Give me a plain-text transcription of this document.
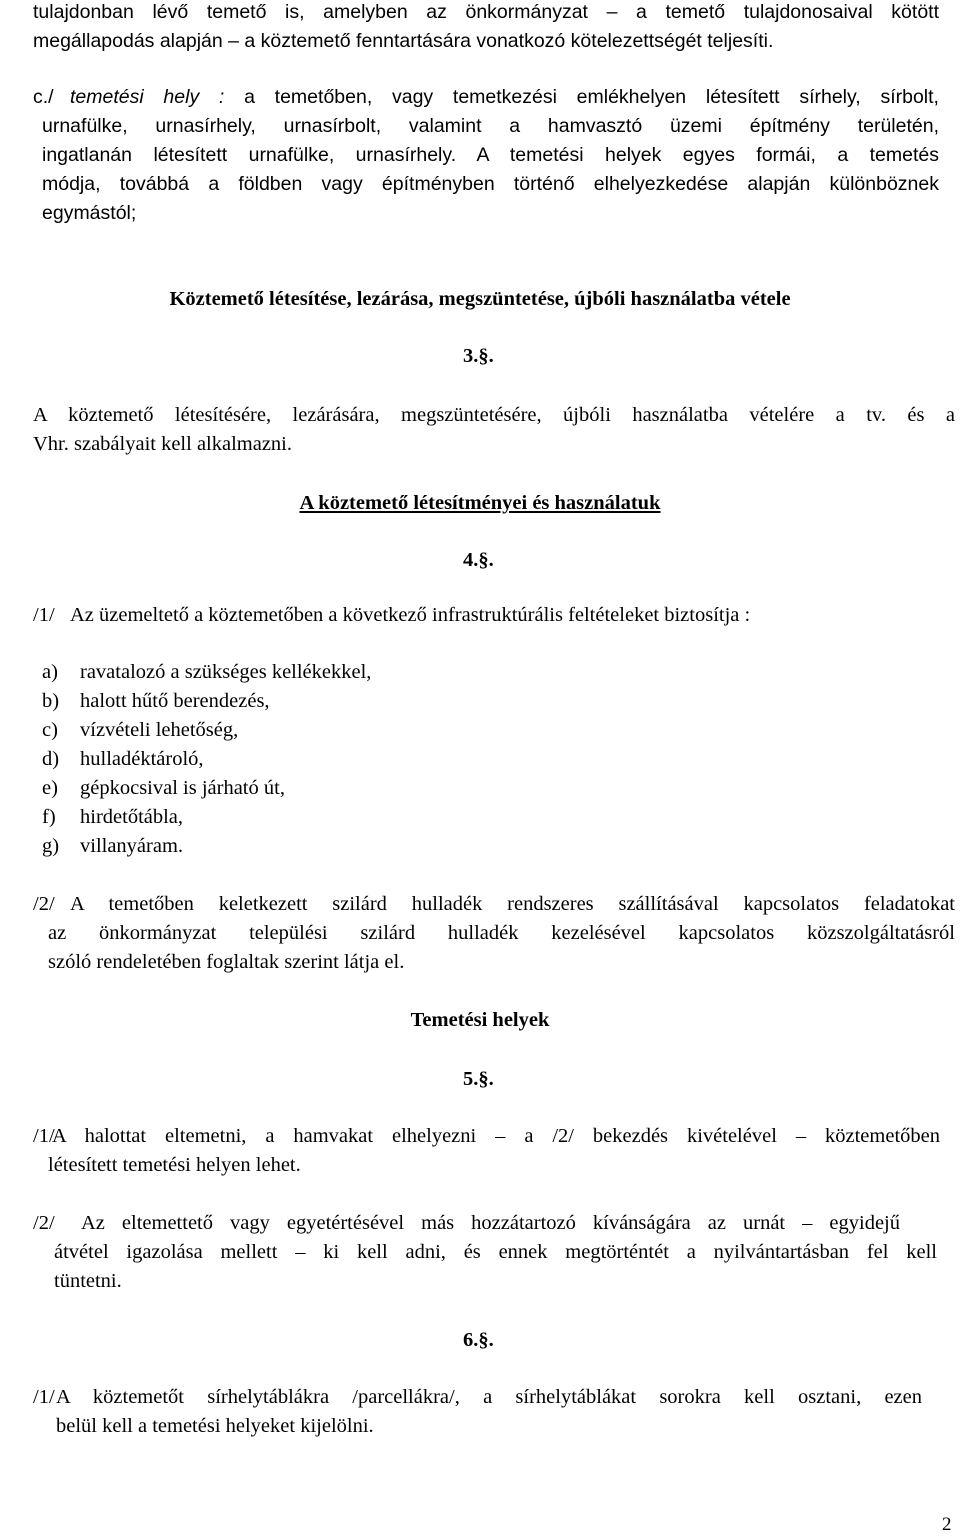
tulajdonban lévő temető is, amelyben az önkormányzat – a temető tulajdonosaival kötött
megállapodás alapján – a köztemető fenntartására vonatkozó kötelezettségét teljesíti.
c./ temetési hely : a temetőben, vagy temetkezési emlékhelyen létesített sírhely, sírbolt,
urnafülke, urnasírhely, urnasírbolt, valamint a hamvasztó üzemi építmény területén,
ingatlanán létesített urnafülke, urnasírhely. A temetési helyek egyes formái, a temetés
módja, továbbá a földben vagy építményben történő elhelyezkedése alapján különböznek
egymástól;
Köztemető létesítése, lezárása, megszüntetése, újbóli használatba vétele
3.§.
A köztemető létesítésére, lezárására, megszüntetésére, újbóli használatba vételére a tv. és a
Vhr. szabályait kell alkalmazni.
A köztemető létesítményei és használatuk
4.§.
/1/ Az üzemeltető a köztemetőben a következő infrastruktúrális feltételeket biztosítja :
a) ravatalozó a szükséges kellékekkel,
b) halott hűtő berendezés,
c) vízvételi lehetőség,
d) hulladéktároló,
e) gépkocsival is járható út,
f) hirdetőtábla,
g) villanyáram.
/2/ A temetőben keletkezett szilárd hulladék rendszeres szállításával kapcsolatos feladatokat
az önkormányzat települési szilárd hulladék kezelésével kapcsolatos közszolgáltatásról
szóló rendeletében foglaltak szerint látja el.
Temetési helyek
5.§.
/1/
A halottat eltemetni, a hamvakat elhelyezni – a /2/ bekezdés kivételével – köztemetőben
létesített temetési helyen lehet.
/2/ Az eltemettető vagy egyetértésével más hozzátartozó kívánságára az urnát – egyidejű
átvétel igazolása mellett – ki kell adni, és ennek megtörténtét a nyilvántartásban fel kell
tüntetni.
6.§.
/1/ A köztemetőt sírhelytáblákra /parcellákra/, a sírhelytáblákat sorokra kell osztani, ezen
belül kell a temetési helyeket kijelölni.
2
